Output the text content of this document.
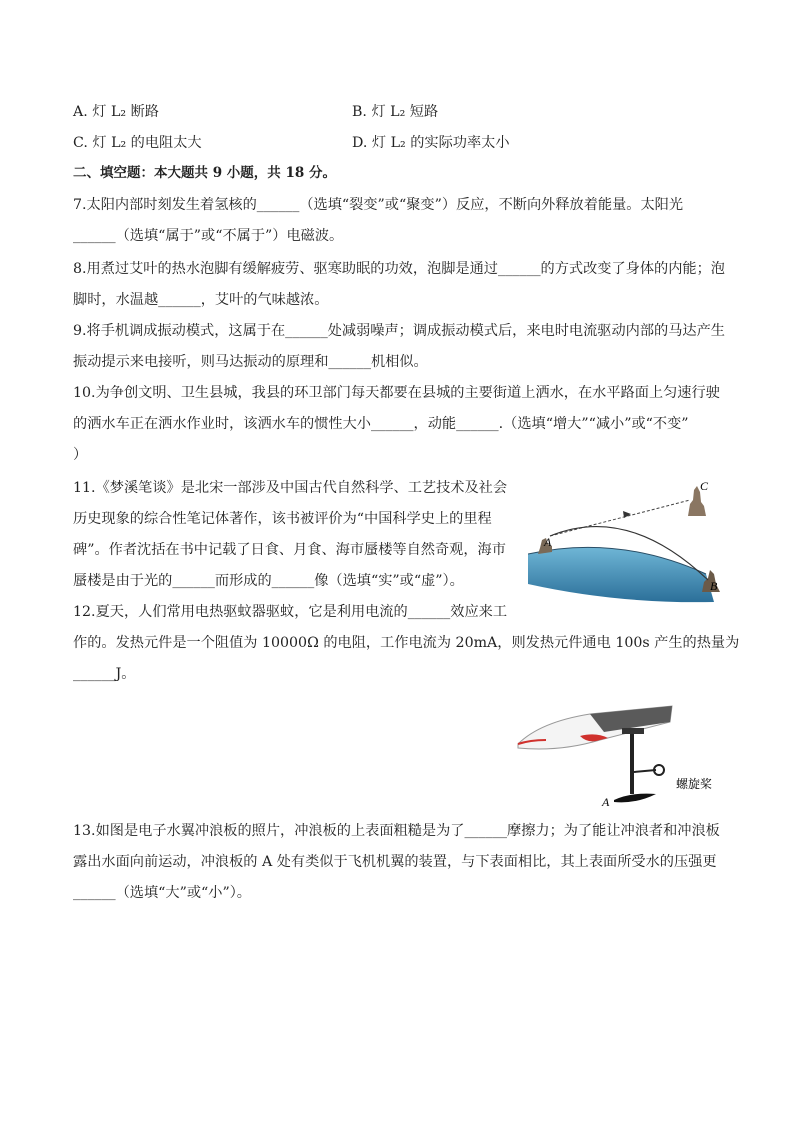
A. 灯 L₂ 断路	B. 灯 L₂ 短路
C. 灯 L₂ 的电阻太大	D. 灯 L₂ 的实际功率太小
二、填空题：本大题共 9 小题，共 18 分。
7.太阳内部时刻发生着氢核的______（选填“裂变”或“聚变”）反应，不断向外释放着能量。太阳光
______（选填“属于”或“不属于”）电磁波。
8.用煮过艾叶的热水泡脚有缓解疲劳、驱寒助眠的功效，泡脚是通过______的方式改变了身体的内能；泡
脚时，水温越______，艾叶的气味越浓。
9.将手机调成振动模式，这属于在______处减弱噪声；调成振动模式后，来电时电流驱动内部的马达产生
振动提示来电接听，则马达振动的原理和______机相似。
10.为争创文明、卫生县城，我县的环卫部门每天都要在县城的主要街道上洒水，在水平路面上匀速行驶
的洒水车正在洒水作业时，该洒水车的惯性大小______，动能______.（选填“增大”“减小”或“不变”
）
11.《梦溪笔谈》是北宋一部涉及中国古代自然科学、工艺技术及社会
历史现象的综合性笔记体著作，该书被评价为“中国科学史上的里程
碑”。作者沈括在书中记载了日食、月食、海市蜃楼等自然奇观，海市
蜃楼是由于光的______而形成的______像（选填“实”或“虚”）。
A
B
C
12.夏天，人们常用电热驱蚊器驱蚊，它是利用电流的______效应来工
作的。发热元件是一个阻值为 10000Ω 的电阻，工作电流为 20mA，则发热元件通电 100s 产生的热量为
______J。
A
螺旋桨
13.如图是电子水翼冲浪板的照片，冲浪板的上表面粗糙是为了______摩擦力；为了能让冲浪者和冲浪板
露出水面向前运动，冲浪板的 A 处有类似于飞机机翼的装置，与下表面相比，其上表面所受水的压强更
______（选填“大”或“小”）。
